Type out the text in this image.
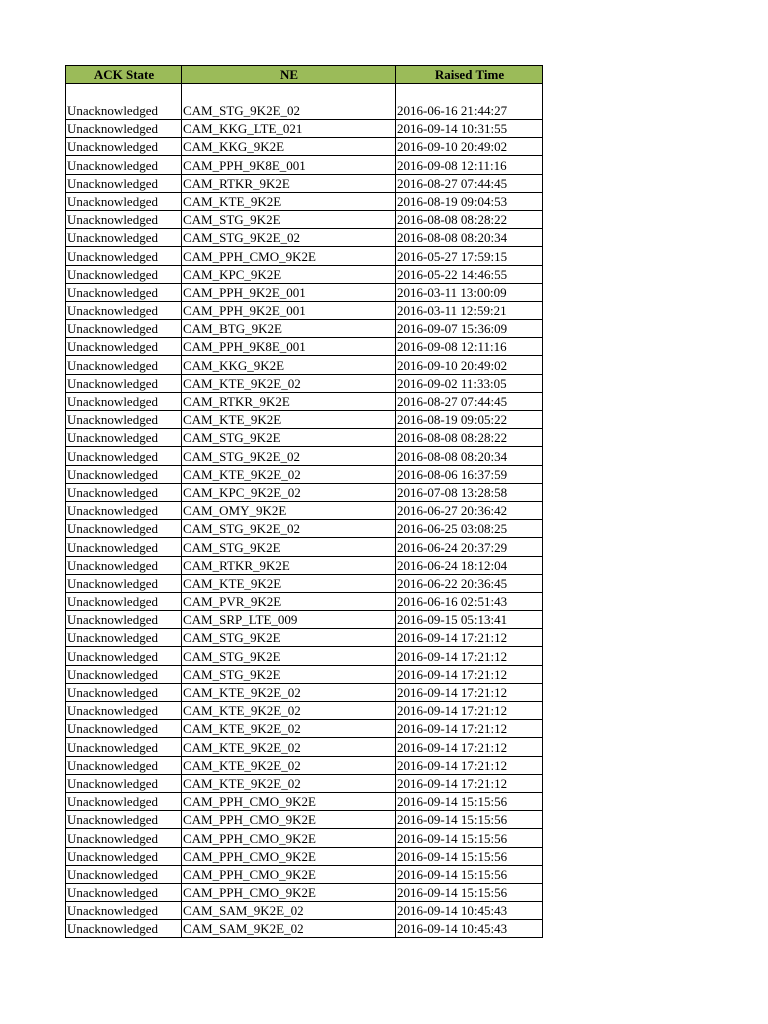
ACK State	NE	Raised Time
Unacknowledged	CAM_STG_9K2E_02	2016-06-16 21:44:27
Unacknowledged	CAM_KKG_LTE_021	2016-09-14 10:31:55
Unacknowledged	CAM_KKG_9K2E	2016-09-10 20:49:02
Unacknowledged	CAM_PPH_9K8E_001	2016-09-08 12:11:16
Unacknowledged	CAM_RTKR_9K2E	2016-08-27 07:44:45
Unacknowledged	CAM_KTE_9K2E	2016-08-19 09:04:53
Unacknowledged	CAM_STG_9K2E	2016-08-08 08:28:22
Unacknowledged	CAM_STG_9K2E_02	2016-08-08 08:20:34
Unacknowledged	CAM_PPH_CMO_9K2E	2016-05-27 17:59:15
Unacknowledged	CAM_KPC_9K2E	2016-05-22 14:46:55
Unacknowledged	CAM_PPH_9K2E_001	2016-03-11 13:00:09
Unacknowledged	CAM_PPH_9K2E_001	2016-03-11 12:59:21
Unacknowledged	CAM_BTG_9K2E	2016-09-07 15:36:09
Unacknowledged	CAM_PPH_9K8E_001	2016-09-08 12:11:16
Unacknowledged	CAM_KKG_9K2E	2016-09-10 20:49:02
Unacknowledged	CAM_KTE_9K2E_02	2016-09-02 11:33:05
Unacknowledged	CAM_RTKR_9K2E	2016-08-27 07:44:45
Unacknowledged	CAM_KTE_9K2E	2016-08-19 09:05:22
Unacknowledged	CAM_STG_9K2E	2016-08-08 08:28:22
Unacknowledged	CAM_STG_9K2E_02	2016-08-08 08:20:34
Unacknowledged	CAM_KTE_9K2E_02	2016-08-06 16:37:59
Unacknowledged	CAM_KPC_9K2E_02	2016-07-08 13:28:58
Unacknowledged	CAM_OMY_9K2E	2016-06-27 20:36:42
Unacknowledged	CAM_STG_9K2E_02	2016-06-25 03:08:25
Unacknowledged	CAM_STG_9K2E	2016-06-24 20:37:29
Unacknowledged	CAM_RTKR_9K2E	2016-06-24 18:12:04
Unacknowledged	CAM_KTE_9K2E	2016-06-22 20:36:45
Unacknowledged	CAM_PVR_9K2E	2016-06-16 02:51:43
Unacknowledged	CAM_SRP_LTE_009	2016-09-15 05:13:41
Unacknowledged	CAM_STG_9K2E	2016-09-14 17:21:12
Unacknowledged	CAM_STG_9K2E	2016-09-14 17:21:12
Unacknowledged	CAM_STG_9K2E	2016-09-14 17:21:12
Unacknowledged	CAM_KTE_9K2E_02	2016-09-14 17:21:12
Unacknowledged	CAM_KTE_9K2E_02	2016-09-14 17:21:12
Unacknowledged	CAM_KTE_9K2E_02	2016-09-14 17:21:12
Unacknowledged	CAM_KTE_9K2E_02	2016-09-14 17:21:12
Unacknowledged	CAM_KTE_9K2E_02	2016-09-14 17:21:12
Unacknowledged	CAM_KTE_9K2E_02	2016-09-14 17:21:12
Unacknowledged	CAM_PPH_CMO_9K2E	2016-09-14 15:15:56
Unacknowledged	CAM_PPH_CMO_9K2E	2016-09-14 15:15:56
Unacknowledged	CAM_PPH_CMO_9K2E	2016-09-14 15:15:56
Unacknowledged	CAM_PPH_CMO_9K2E	2016-09-14 15:15:56
Unacknowledged	CAM_PPH_CMO_9K2E	2016-09-14 15:15:56
Unacknowledged	CAM_PPH_CMO_9K2E	2016-09-14 15:15:56
Unacknowledged	CAM_SAM_9K2E_02	2016-09-14 10:45:43
Unacknowledged	CAM_SAM_9K2E_02	2016-09-14 10:45:43
